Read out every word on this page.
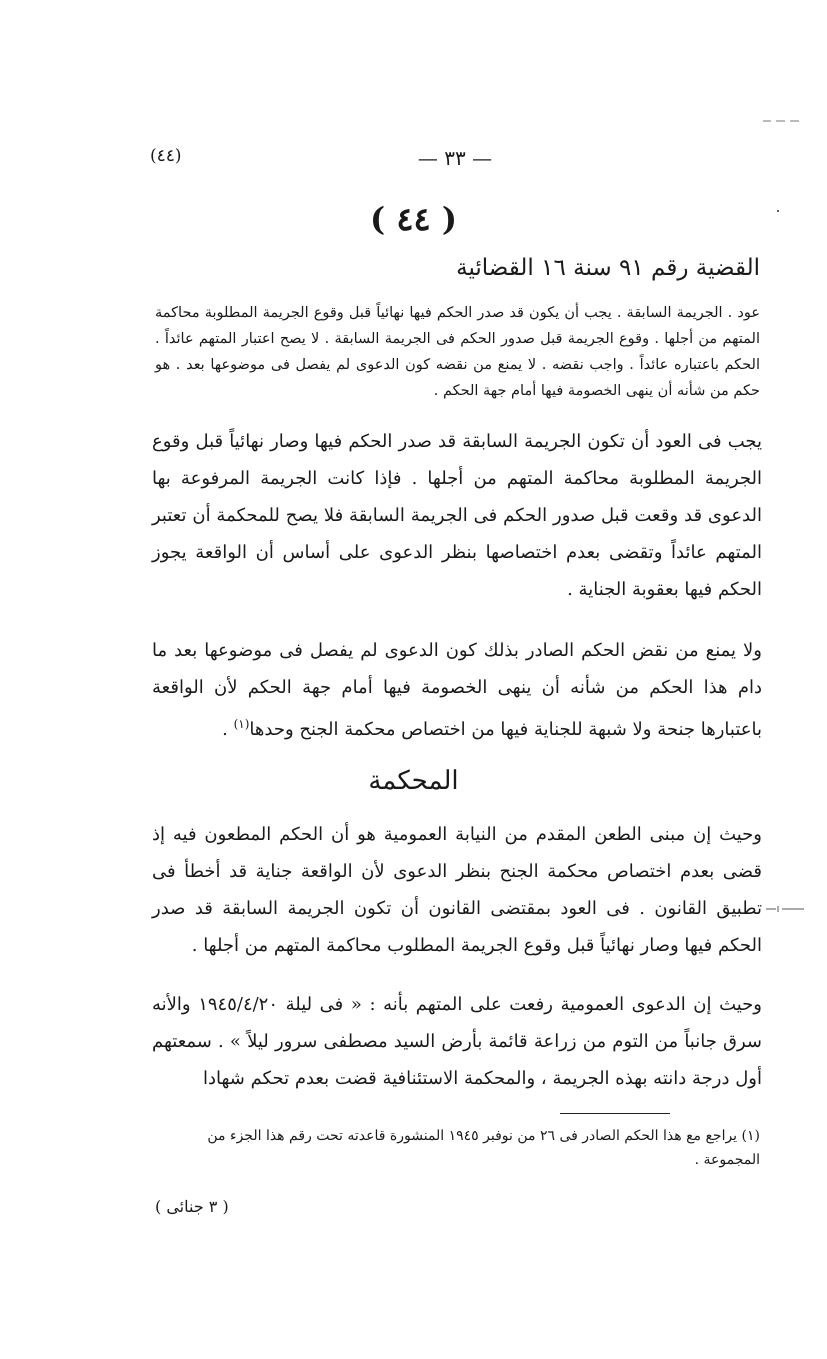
(٤٤)	— ٣٣ —
( ٤٤ )
القضية رقم ٩١ سنة ١٦ القضائية
عود . الجريمة السابقة . يجب أن يكون قد صدر الحكم فيها نهائياً قبل وقوع الجريمة المطلوبة محاكمة المتهم من أجلها . وقوع الجريمة قبل صدور الحكم فى الجريمة السابقة . لا يصح اعتبار المتهم عائداً . الحكم باعتباره عائداً . واجب نقضه . لا يمنع من نقضه كون الدعوى لم يفصل فى موضوعها بعد . هو حكم من شأنه أن ينهى الخصومة فيها أمام جهة الحكم .
يجب فى العود أن تكون الجريمة السابقة قد صدر الحكم فيها وصار نهائياً قبل وقوع الجريمة المطلوبة محاكمة المتهم من أجلها . فإذا كانت الجريمة المرفوعة بها الدعوى قد وقعت قبل صدور الحكم فى الجريمة السابقة فلا يصح للمحكمة أن تعتبر المتهم عائداً وتقضى بعدم اختصاصها بنظر الدعوى على أساس أن الواقعة يجوز الحكم فيها بعقوبة الجناية .
ولا يمنع من نقض الحكم الصادر بذلك كون الدعوى لم يفصل فى موضوعها بعد ما دام هذا الحكم من شأنه أن ينهى الخصومة فيها أمام جهة الحكم لأن الواقعة باعتبارها جنحة ولا شبهة للجناية فيها من اختصاص محكمة الجنح وحدها$^{(١)}$ .
المحكمة
وحيث إن مبنى الطعن المقدم من النيابة العمومية هو أن الحكم المطعون فيه إذ قضى بعدم اختصاص محكمة الجنح بنظر الدعوى لأن الواقعة جناية قد أخطأ فى تطبيق القانون . فى العود بمقتضى القانون أن تكون الجريمة السابقة قد صدر الحكم فيها وصار نهائياً قبل وقوع الجريمة المطلوب محاكمة المتهم من أجلها .
وحيث إن الدعوى العمومية رفعت على المتهم بأنه : « فى ليلة ١٩٤٥/٤/٢٠ والأنه سرق جانباً من التوم من زراعة قائمة بأرض السيد مصطفى سرور ليلاً » . سمعتهم أول درجة دانته بهذه الجريمة ، والمحكمة الاستئنافية قضت بعدم تحكم شهادا
(١) يراجع مع هذا الحكم الصادر فى ٢٦ من نوفبر ١٩٤٥ المنشورة قاعدته تحت رقم هذا الجزء من المجموعة .
( ٣ جنائى )
